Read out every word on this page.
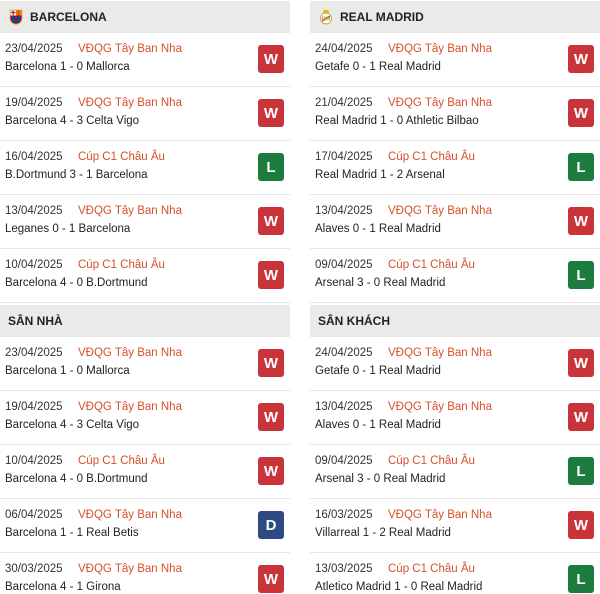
BARCELONA
23/04/2025 VĐQG Tây Ban Nha
Barcelona 1 - 0 Mallorca	W
19/04/2025 VĐQG Tây Ban Nha
Barcelona 4 - 3 Celta Vigo	W
16/04/2025 Cúp C1 Châu Âu
B.Dortmund 3 - 1 Barcelona	L
13/04/2025 VĐQG Tây Ban Nha
Leganes 0 - 1 Barcelona	W
10/04/2025 Cúp C1 Châu Âu
Barcelona 4 - 0 B.Dortmund	W
SÂN NHÀ
23/04/2025 VĐQG Tây Ban Nha
Barcelona 1 - 0 Mallorca	W
19/04/2025 VĐQG Tây Ban Nha
Barcelona 4 - 3 Celta Vigo	W
10/04/2025 Cúp C1 Châu Âu
Barcelona 4 - 0 B.Dortmund	W
06/04/2025 VĐQG Tây Ban Nha
Barcelona 1 - 1 Real Betis	D
30/03/2025 VĐQG Tây Ban Nha
Barcelona 4 - 1 Girona	W
RM REAL MADRID
24/04/2025 VĐQG Tây Ban Nha
Getafe 0 - 1 Real Madrid	W
21/04/2025 VĐQG Tây Ban Nha
Real Madrid 1 - 0 Athletic Bilbao	W
17/04/2025 Cúp C1 Châu Âu
Real Madrid 1 - 2 Arsenal	L
13/04/2025 VĐQG Tây Ban Nha
Alaves 0 - 1 Real Madrid	W
09/04/2025 Cúp C1 Châu Âu
Arsenal 3 - 0 Real Madrid	L
SÂN KHÁCH
24/04/2025 VĐQG Tây Ban Nha
Getafe 0 - 1 Real Madrid	W
13/04/2025 VĐQG Tây Ban Nha
Alaves 0 - 1 Real Madrid	W
09/04/2025 Cúp C1 Châu Âu
Arsenal 3 - 0 Real Madrid	L
16/03/2025 VĐQG Tây Ban Nha
Villarreal 1 - 2 Real Madrid	W
13/03/2025 Cúp C1 Châu Âu
Atletico Madrid 1 - 0 Real Madrid	L
